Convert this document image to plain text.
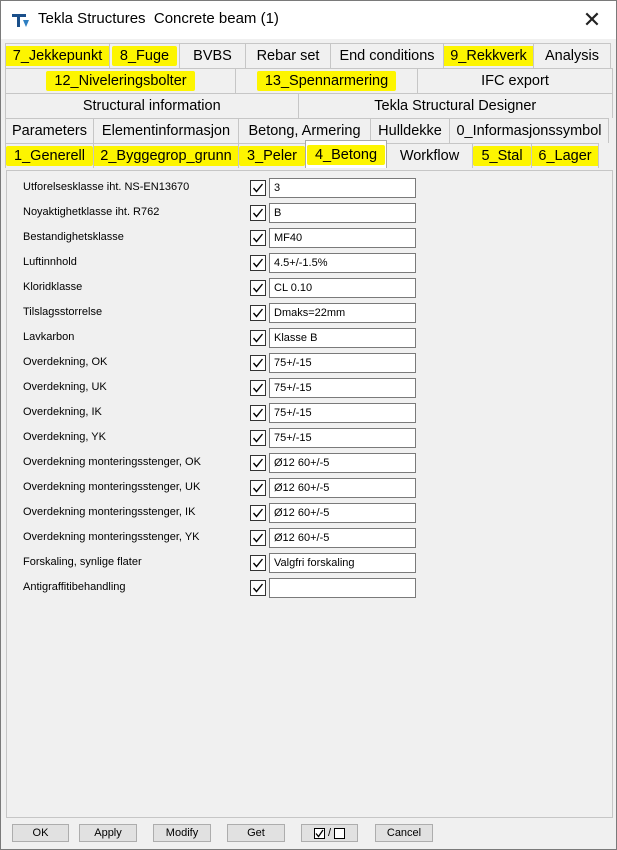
Tekla Structures  Concrete beam (1)	✕
7_Jekkepunkt	8_Fuge	BVBS Rebar set End conditions	9_Rekkverk	Analysis
12_Niveleringsbolter	13_Spennarmering	IFC export
Structural information	Tekla Structural Designer
Parameters Elementinformasjon Betong, Armering Hulldekke 0_Informasjonssymbol
1_Generell	2_Byggegrop_grunn	3_Peler	4_Betong	Workflow	5_Stal	6_Lager
Utforelsesklasse iht. NS-EN13670	3
Noyaktighetklasse iht. R762	B
Bestandighetsklasse	MF40
Luftinnhold	4.5+/-1.5%
Kloridklasse	CL 0.10
Tilslagsstorrelse	Dmaks=22mm
Lavkarbon	Klasse B
Overdekning, OK	75+/-15
Overdekning, UK	75+/-15
Overdekning, IK	75+/-15
Overdekning, YK	75+/-15
Overdekning monteringsstenger, OK	Ø12 60+/-5
Overdekning monteringsstenger, UK	Ø12 60+/-5
Overdekning monteringsstenger, IK	Ø12 60+/-5
Overdekning monteringsstenger, YK	Ø12 60+/-5
Forskaling, synlige flater	Valgfri forskaling
Antigraffitibehandling
OK	Apply	Modify	Get	/	Cancel
